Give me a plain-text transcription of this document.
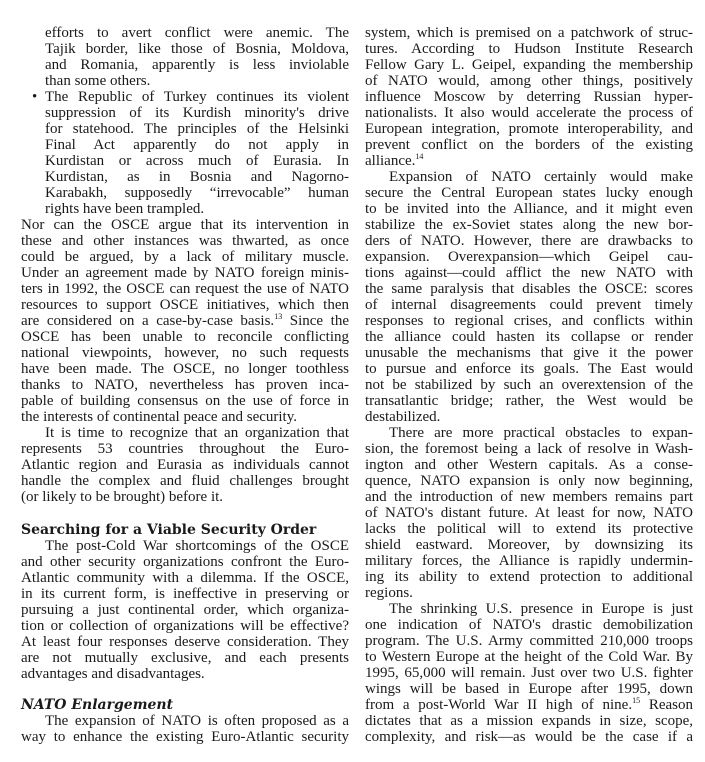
efforts to avert conflict were anemic. The
Tajik border, like those of Bosnia, Moldova,
and Romania, apparently is less inviolable
than some others.
• The Republic of Turkey continues its violent
suppression of its Kurdish minority's drive
for statehood. The principles of the Helsinki
Final Act apparently do not apply in
Kurdistan or across much of Eurasia. In
Kurdistan, as in Bosnia and Nagorno-
Karabakh, supposedly “irrevocable” human
rights have been trampled.
Nor can the OSCE argue that its intervention in
these and other instances was thwarted, as once
could be argued, by a lack of military muscle.
Under an agreement made by NATO foreign minis-
ters in 1992, the OSCE can request the use of NATO
resources to support OSCE initiatives, which then
are considered on a case-by-case basis.$^{13}$ Since the
OSCE has been unable to reconcile conflicting
national viewpoints, however, no such requests
have been made. The OSCE, no longer toothless
thanks to NATO, nevertheless has proven inca-
pable of building consensus on the use of force in
the interests of continental peace and security.
It is time to recognize that an organization that
represents 53 countries throughout the Euro-
Atlantic region and Eurasia as individuals cannot
handle the complex and fluid challenges brought
(or likely to be brought) before it.
Searching for a Viable Security Order
The post-Cold War shortcomings of the OSCE
and other security organizations confront the Euro-
Atlantic community with a dilemma. If the OSCE,
in its current form, is ineffective in preserving or
pursuing a just continental order, which organiza-
tion or collection of organizations will be effective?
At least four responses deserve consideration. They
are not mutually exclusive, and each presents
advantages and disadvantages.
NATO Enlargement
The expansion of NATO is often proposed as a
way to enhance the existing Euro-Atlantic security
system, which is premised on a patchwork of struc-
tures. According to Hudson Institute Research
Fellow Gary L. Geipel, expanding the membership
of NATO would, among other things, positively
influence Moscow by deterring Russian hyper-
nationalists. It also would accelerate the process of
European integration, promote interoperability, and
prevent conflict on the borders of the existing
alliance.$^{14}$
Expansion of NATO certainly would make
secure the Central European states lucky enough
to be invited into the Alliance, and it might even
stabilize the ex-Soviet states along the new bor-
ders of NATO. However, there are drawbacks to
expansion. Overexpansion—which Geipel cau-
tions against—could afflict the new NATO with
the same paralysis that disables the OSCE: scores
of internal disagreements could prevent timely
responses to regional crises, and conflicts within
the alliance could hasten its collapse or render
unusable the mechanisms that give it the power
to pursue and enforce its goals. The East would
not be stabilized by such an overextension of the
transatlantic bridge; rather, the West would be
destabilized.
There are more practical obstacles to expan-
sion, the foremost being a lack of resolve in Wash-
ington and other Western capitals. As a conse-
quence, NATO expansion is only now beginning,
and the introduction of new members remains part
of NATO's distant future. At least for now, NATO
lacks the political will to extend its protective
shield eastward. Moreover, by downsizing its
military forces, the Alliance is rapidly undermin-
ing its ability to extend protection to additional
regions.
The shrinking U.S. presence in Europe is just
one indication of NATO's drastic demobilization
program. The U.S. Army committed 210,000 troops
to Western Europe at the height of the Cold War. By
1995, 65,000 will remain. Just over two U.S. fighter
wings will be based in Europe after 1995, down
from a post-World War II high of nine.$^{15}$ Reason
dictates that as a mission expands in size, scope,
complexity, and risk—as would be the case if a
